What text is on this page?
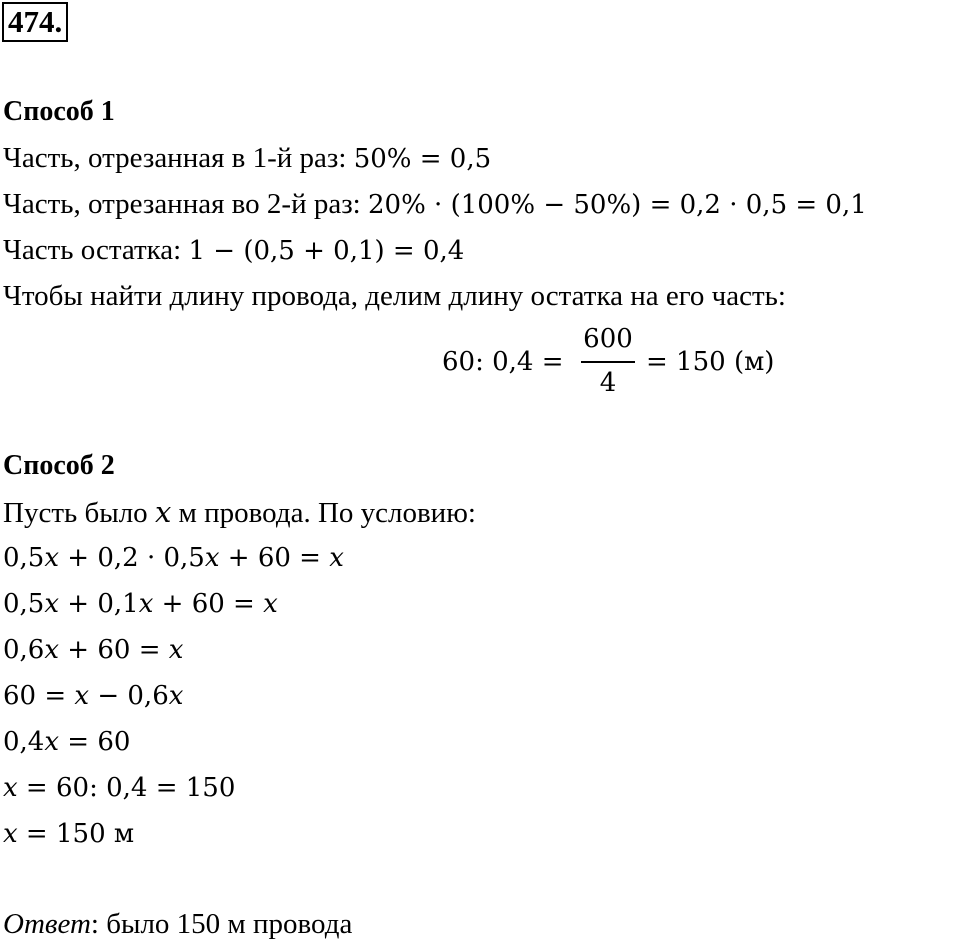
474.
Способ 1
Часть, отрезанная в 1-й раз: 50% = 0,5
Часть, отрезанная во 2-й раз: 20% · (100% − 50%) = 0,2 · 0,5 = 0,1
Часть остатка: 1 − (0,5 + 0,1) = 0,4
Чтобы найти длину провода, делим длину остатка на его часть:
60: 0,4 =
600
4
= 150 (м)
Способ 2
Пусть было x м провода. По условию:
0,5x + 0,2 · 0,5x + 60 = x
0,5x + 0,1x + 60 = x
0,6x + 60 = x
60 = x − 0,6x
0,4x = 60
x = 60: 0,4 = 150
x = 150 м
Ответ: было 150 м провода
